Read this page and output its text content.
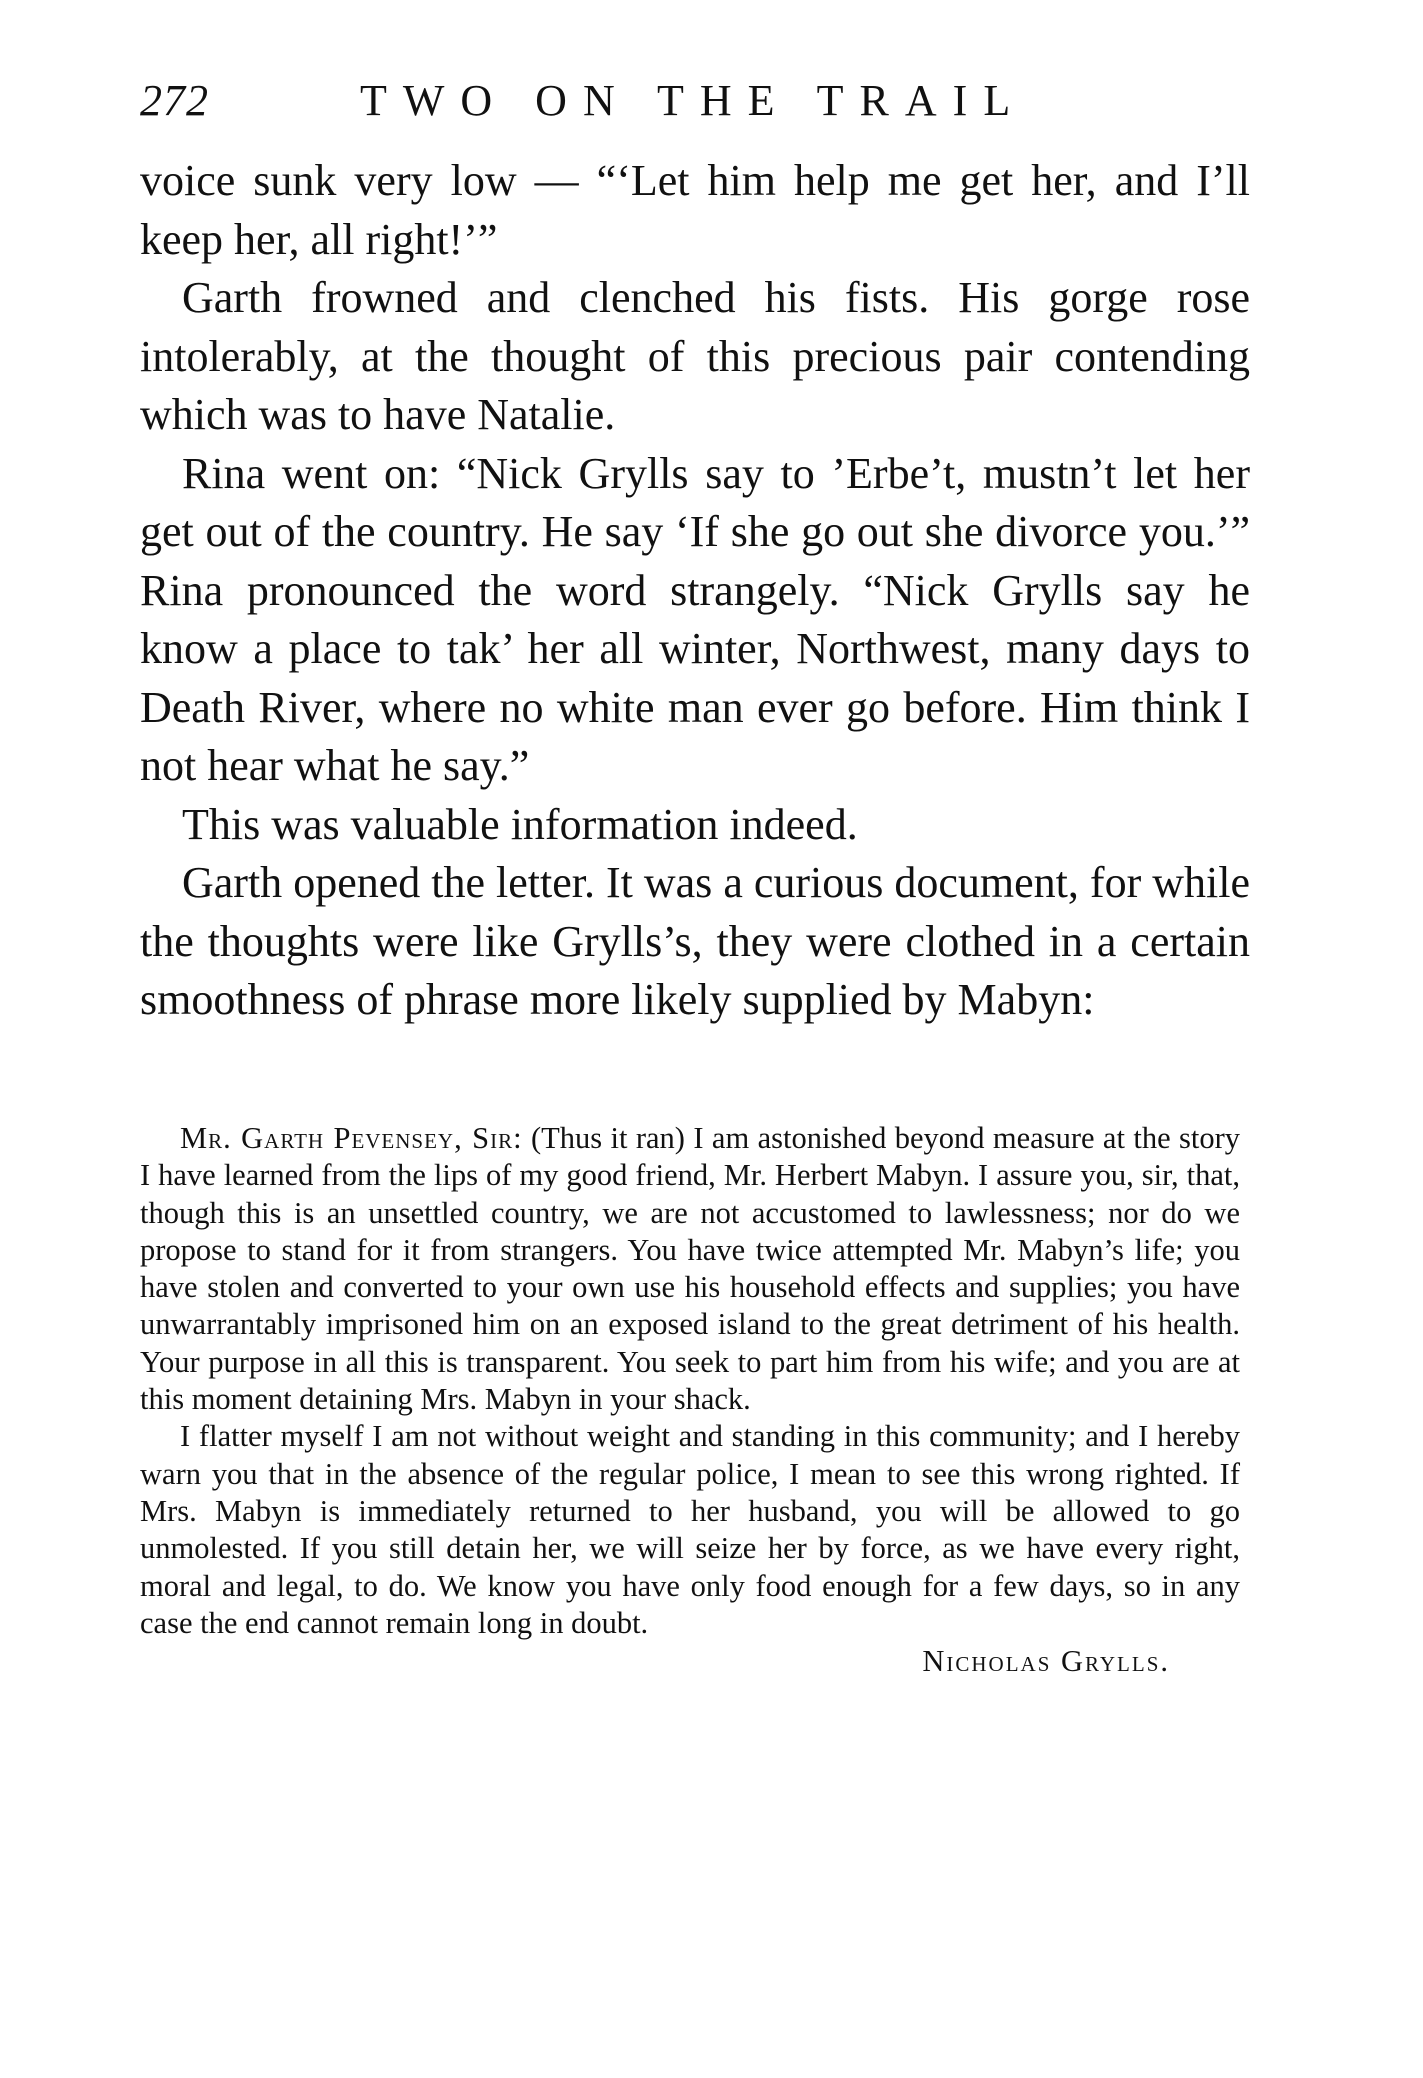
272	TWO ON THE TRAIL

voice sunk very low — “‘Let him help me get her, and I’ll keep her, all right!’”

Garth frowned and clenched his fists. His gorge rose intolerably, at the thought of this precious pair contending which was to have Natalie.

Rina went on: “Nick Grylls say to ’Erbe’t, mustn’t let her get out of the country. He say ‘If she go out she divorce you.’” Rina pronounced the word strangely. “Nick Grylls say he know a place to tak’ her all winter, Northwest, many days to Death River, where no white man ever go before. Him think I not hear what he say.”

This was valuable information indeed.

Garth opened the letter. It was a curious document, for while the thoughts were like Grylls’s, they were clothed in a certain smoothness of phrase more likely supplied by Mabyn:

Mr. Garth Pevensey, Sir: (Thus it ran) I am astonished beyond measure at the story I have learned from the lips of my good friend, Mr. Herbert Mabyn. I assure you, sir, that, though this is an unsettled country, we are not accustomed to lawlessness; nor do we propose to stand for it from strangers. You have twice attempted Mr. Mabyn’s life; you have stolen and converted to your own use his household effects and supplies; you have unwarrantably imprisoned him on an exposed island to the great detriment of his health. Your purpose in all this is transparent. You seek to part him from his wife; and you are at this moment detaining Mrs. Mabyn in your shack.

I flatter myself I am not without weight and standing in this community; and I hereby warn you that in the absence of the regular police, I mean to see this wrong righted. If Mrs. Mabyn is immediately returned to her husband, you will be allowed to go unmolested. If you still detain her, we will seize her by force, as we have every right, moral and legal, to do. We know you have only food enough for a few days, so in any case the end cannot remain long in doubt.

Nicholas Grylls.
